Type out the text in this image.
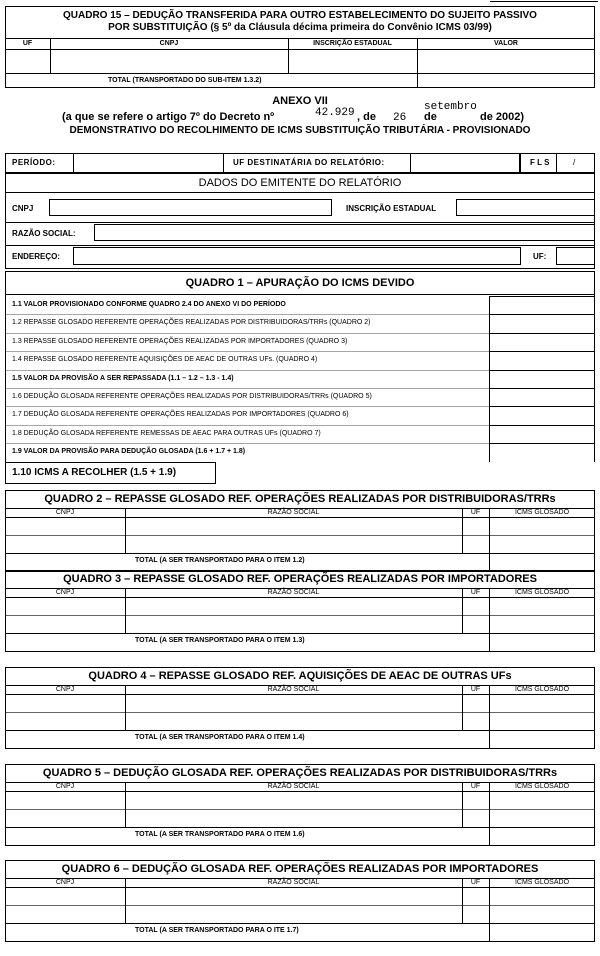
QUADRO 15 – DEDUÇÃO TRANSFERIDA PARA OUTRO ESTABELECIMENTO DO SUJEITO PASSIVO
POR SUBSTITUIÇÃO (§ 5º da Cláusula décima primeira do Convênio ICMS 03/99)
UF	CNPJ	INSCRIÇÃO ESTADUAL	VALOR
TOTAL (TRANSPORTADO DO SUB-ITEM 1.3.2)
ANEXO VII
(a que se refere o artigo 7º do Decreto nº	42.929 , de 26 de
setembro
de 2002)
DEMONSTRATIVO DO RECOLHIMENTO DE ICMS SUBSTITUIÇÃO TRIBUTÁRIA - PROVISIONADO
PERÍODO:	UF DESTINATÁRIA DO RELATÓRIO:	F L S	/
DADOS DO EMITENTE DO RELATÓRIO
CNPJ	INSCRIÇÃO ESTADUAL
RAZÃO SOCIAL:
ENDEREÇO:	UF:
QUADRO 1 – APURAÇÃO DO ICMS DEVIDO
1.1 VALOR PROVISIONADO CONFORME QUADRO 2.4 DO ANEXO VI DO PERÍODO
1.2 REPASSE GLOSADO REFERENTE OPERAÇÕES REALIZADAS POR DISTRIBUIDORAS/TRRs (QUADRO 2)
1.3 REPASSE GLOSADO REFERENTE OPERAÇÕES REALIZADAS POR IMPORTADORES (QUADRO 3)
1.4 REPASSE GLOSADO REFERENTE AQUISIÇÕES DE AEAC DE OUTRAS UFs. (QUADRO 4)
1.5 VALOR DA PROVISÃO A SER REPASSADA (1.1 – 1.2 – 1.3 - 1.4)
1.6 DEDUÇÃO GLOSADA REFERENTE OPERAÇÕES REALIZADAS POR DISTRIBUIDORAS/TRRs (QUADRO 5)
1.7 DEDUÇÃO GLOSADA REFERENTE OPERAÇÕES REALIZADAS POR IMPORTADORES (QUADRO 6)
1.8 DEDUÇÃO GLOSADA REFERENTE REMESSAS DE AEAC PARA OUTRAS UFs (QUADRO 7)
1.9 VALOR DA PROVISÃO PARA DEDUÇÃO GLOSADA (1.6 + 1.7 + 1.8)
1.10 ICMS A RECOLHER (1.5 + 1.9)
QUADRO 2 – REPASSE GLOSADO REF. OPERAÇÕES REALIZADAS POR DISTRIBUIDORAS/TRRs
CNPJ	RAZÃO SOCIAL	UF	ICMS GLOSADO
TOTAL (A SER TRANSPORTADO PARA O ITEM 1.2)
QUADRO 3 – REPASSE GLOSADO REF. OPERAÇÕES REALIZADAS POR IMPORTADORES
CNPJ	RAZÃO SOCIAL	UF	ICMS GLOSADO
TOTAL (A SER TRANSPORTADO PARA O ITEM 1.3)
QUADRO 4 – REPASSE GLOSADO REF. AQUISIÇÕES DE AEAC DE OUTRAS UFs
CNPJ	RAZÃO SOCIAL	UF	ICMS GLOSADO
TOTAL (A SER TRANSPORTADO PARA O ITEM 1.4)
QUADRO 5 – DEDUÇÃO GLOSADA REF. OPERAÇÕES REALIZADAS POR DISTRIBUIDORAS/TRRs
CNPJ	RAZÃO SOCIAL	UF	ICMS GLOSADO
TOTAL (A SER TRANSPORTADO PARA O ITEM 1.6)
QUADRO 6 – DEDUÇÃO GLOSADA REF. OPERAÇÕES REALIZADAS POR IMPORTADORES
CNPJ	RAZÃO SOCIAL	UF	ICMS GLOSADO
TOTAL (A SER TRANSPORTADO PARA O ITE 1.7)
